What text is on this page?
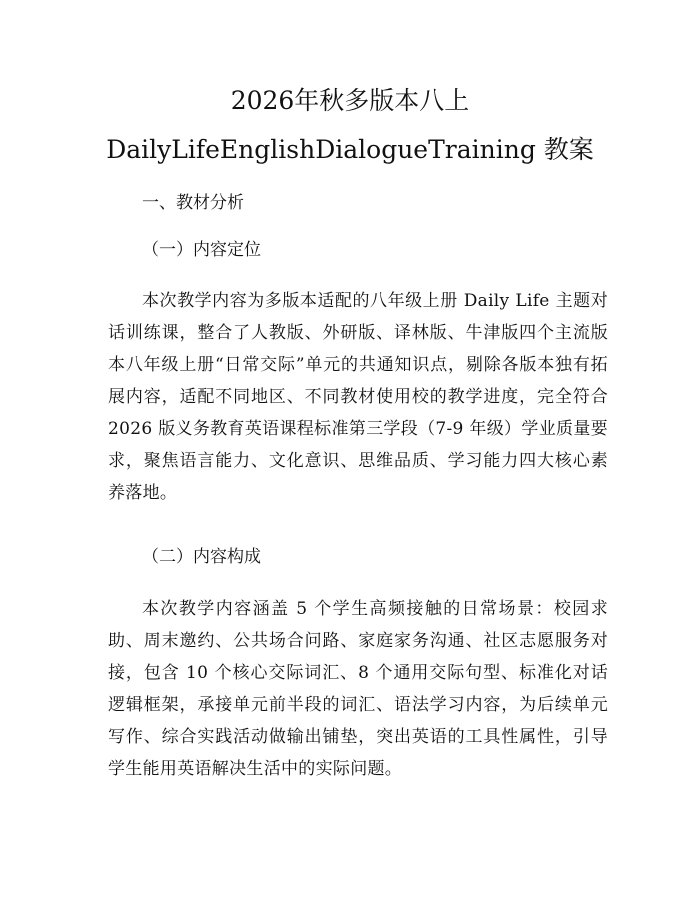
2026年秋多版本八上
DailyLifeEnglishDialogueTraining 教案
一、教材分析
（一）内容定位
本次教学内容为多版本适配的八年级上册 Daily Life 主题对话训练课，整合了人教版、外研版、译林版、牛津版四个主流版本八年级上册“日常交际”单元的共通知识点，剔除各版本独有拓展内容，适配不同地区、不同教材使用校的教学进度，完全符合 2026 版义务教育英语课程标准第三学段（7-9 年级）学业质量要求，聚焦语言能力、文化意识、思维品质、学习能力四大核心素养落地。
（二）内容构成
本次教学内容涵盖 5 个学生高频接触的日常场景：校园求助、周末邀约、公共场合问路、家庭家务沟通、社区志愿服务对接，包含 10 个核心交际词汇、8 个通用交际句型、标准化对话逻辑框架，承接单元前半段的词汇、语法学习内容，为后续单元写作、综合实践活动做输出铺垫，突出英语的工具性属性，引导学生能用英语解决生活中的实际问题。
